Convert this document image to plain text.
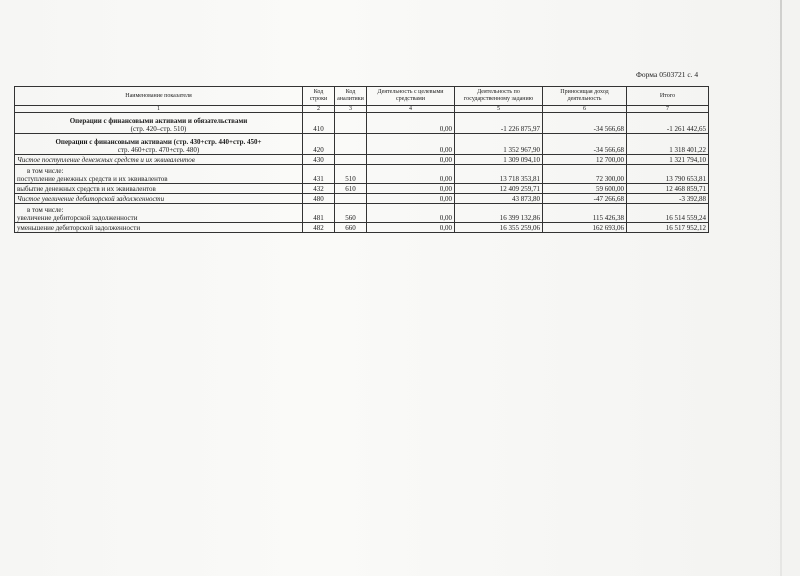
Форма 0503721 с. 4
Наименование показателя	Код строки	Код аналитики	Деятельность с целевыми средствами	Деятельность по государственному заданию	Приносящая доход деятельность	Итого
1	2	3	4	5	6	7

Операции с финансовыми активами и обязательствами
(стр. 420–стр. 510)	410		0,00	-1 226 875,97	-34 566,68	-1 261 442,65

Операции с финансовыми активами (стр. 430+стр. 440+стр. 450+
стр. 460+стр. 470+стр. 480)	420		0,00	1 352 967,90	-34 566,68	1 318 401,22
Чистое поступление денежных средств и их эквивалентов	430		0,00	1 309 094,10	12 700,00	1 321 794,10

в том числе:
поступление денежных средств и их эквивалентов	431	510	0,00	13 718 353,81	72 300,00	13 790 653,81
выбытие денежных средств и их эквивалентов	432	610	0,00	12 409 259,71	59 600,00	12 468 859,71
Чистое увеличение дебиторской задолженности	480		0,00	43 873,80	-47 266,68	-3 392,88

в том числе:
увеличение дебиторской задолженности	481	560	0,00	16 399 132,86	115 426,38	16 514 559,24
уменьшение дебиторской задолженности	482	660	0,00	16 355 259,06	162 693,06	16 517 952,12
